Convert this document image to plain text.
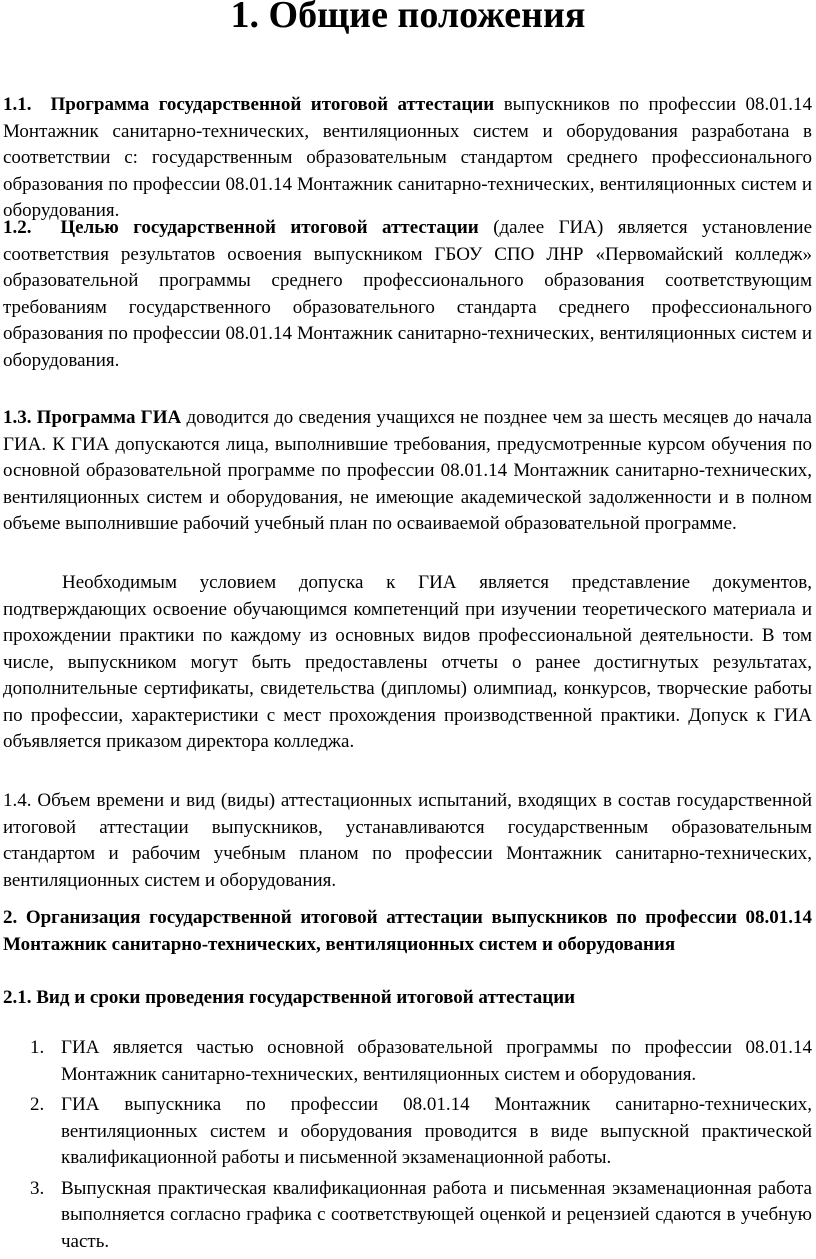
1. Общие положения

1.1. Программа государственной итоговой аттестации выпускников по профессии 08.01.14 Монтажник санитарно-технических, вентиляционных систем и оборудования разработана в соответствии с: государственным образовательным стандартом среднего профессионального образования по профессии 08.01.14 Монтажник санитарно-технических, вентиляционных систем и оборудования.

1.2. Целью государственной итоговой аттестации (далее ГИА) является установление соответствия результатов освоения выпускником ГБОУ СПО ЛНР «Первомайский колледж» образовательной программы среднего профессионального образования соответствующим требованиям государственного образовательного стандарта среднего профессионального образования по профессии 08.01.14 Монтажник санитарно-технических, вентиляционных систем и оборудования.

1.3. Программа ГИА доводится до сведения учащихся не позднее чем за шесть месяцев до начала ГИА. К ГИА допускаются лица, выполнившие требования, предусмотренные курсом обучения по основной образовательной программе по профессии 08.01.14 Монтажник санитарно-технических, вентиляционных систем и оборудования, не имеющие академической задолженности и в полном объеме выполнившие рабочий учебный план по осваиваемой образовательной программе.

Необходимым условием допуска к ГИА является представление документов, подтверждающих освоение обучающимся компетенций при изучении теоретического материала и прохождении практики по каждому из основных видов профессиональной деятельности. В том числе, выпускником могут быть предоставлены отчеты о ранее достигнутых результатах, дополнительные сертификаты, свидетельства (дипломы) олимпиад, конкурсов, творческие работы по профессии, характеристики с мест прохождения производственной практики. Допуск к ГИА объявляется приказом директора колледжа.

1.4. Объем времени и вид (виды) аттестационных испытаний, входящих в состав государственной итоговой аттестации выпускников, устанавливаются государственным образовательным стандартом и рабочим учебным планом по профессии Монтажник санитарно-технических, вентиляционных систем и оборудования.

2. Организация государственной итоговой аттестации выпускников по профессии 08.01.14 Монтажник санитарно-технических, вентиляционных систем и оборудования

2.1. Вид и сроки проведения государственной итоговой аттестации

1. ГИА является частью основной образовательной программы по профессии 08.01.14 Монтажник санитарно-технических, вентиляционных систем и оборудования.
2. ГИА выпускника по профессии 08.01.14 Монтажник санитарно-технических, вентиляционных систем и оборудования проводится в виде выпускной практической квалификационной работы и письменной экзаменационной работы.
3. Выпускная практическая квалификационная работа и письменная экзаменационная работа выполняется согласно графика с соответствующей оценкой и рецензией сдаются в учебную часть.
